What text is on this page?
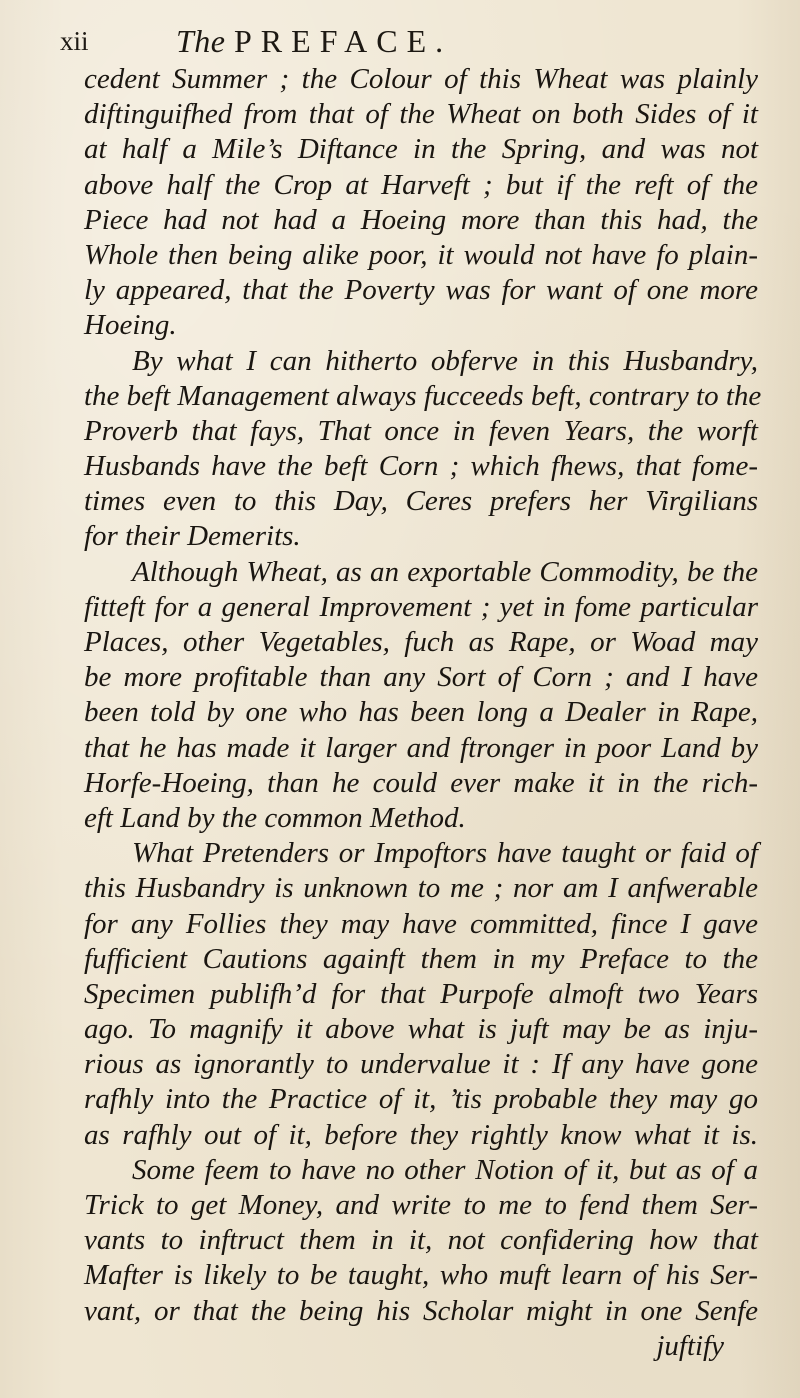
xii	The PREFACE.
cedent Summer ; the Colour of this Wheat was plainly
diftinguifhed from that of the Wheat on both Sides of it
at half a Mile’s Diftance in the Spring, and was not
above half the Crop at Harveft ; but if the reft of the
Piece had not had a Hoeing more than this had, the
Whole then being alike poor, it would not have fo plain-
ly appeared, that the Poverty was for want of one more
Hoeing.
By what I can hitherto obferve in this Husbandry,
the beft Management always fucceeds beft, contrary to the
Proverb that fays, That once in feven Years, the worft
Husbands have the beft Corn ; which fhews, that fome-
times even to this Day, Ceres prefers her Virgilians
for their Demerits.
Although Wheat, as an exportable Commodity, be the
fitteft for a general Improvement ; yet in fome particular
Places, other Vegetables, fuch as Rape, or Woad may
be more profitable than any Sort of Corn ; and I have
been told by one who has been long a Dealer in Rape,
that he has made it larger and ftronger in poor Land by
Horfe-Hoeing, than he could ever make it in the rich-
eft Land by the common Method.
What Pretenders or Impoftors have taught or faid of
this Husbandry is unknown to me ; nor am I anfwerable
for any Follies they may have committed, fince I gave
fufficient Cautions againft them in my Preface to the
Specimen publifh’d for that Purpofe almoft two Years
ago. To magnify it above what is juft may be as inju-
rious as ignorantly to undervalue it : If any have gone
rafhly into the Practice of it, ’tis probable they may go
as rafhly out of it, before they rightly know what it is.
Some feem to have no other Notion of it, but as of a
Trick to get Money, and write to me to fend them Ser-
vants to inftruct them in it, not confidering how that
Mafter is likely to be taught, who muft learn of his Ser-
vant, or that the being his Scholar might in one Senfe
juftify
